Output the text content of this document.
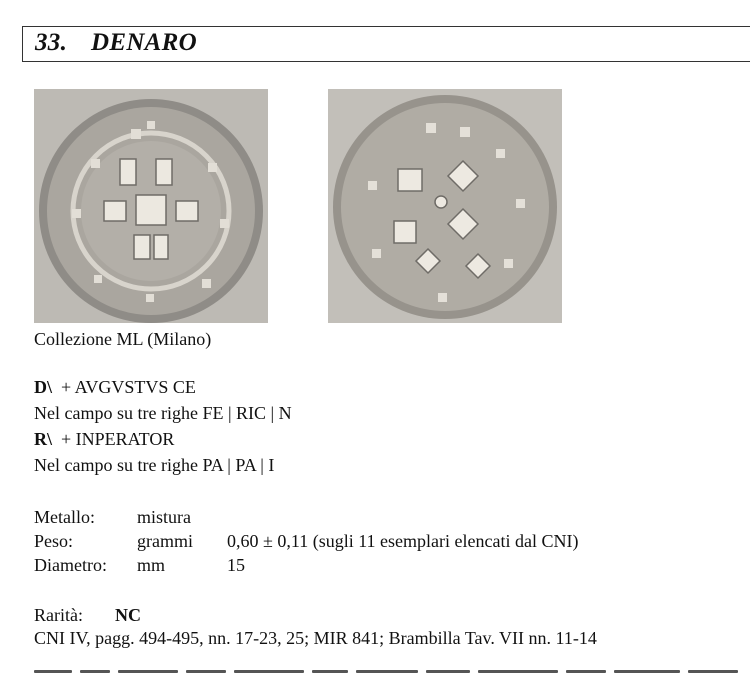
33. DENARO
Collezione ML (Milano)
D\ + AVGVSTVS CE
Nel campo su tre righe FE | RIC | N
R\ + INPERATOR
Nel campo su tre righe PA | PA | I
Metallo: mistura
Peso:	grammi 0,60 ± 0,11 (sugli 11 esemplari elencati dal CNI)
Diametro: mm	15
Rarità: NC
CNI IV, pagg. 494-495, nn. 17-23, 25; MIR 841; Brambilla Tav. VII nn. 11-14
